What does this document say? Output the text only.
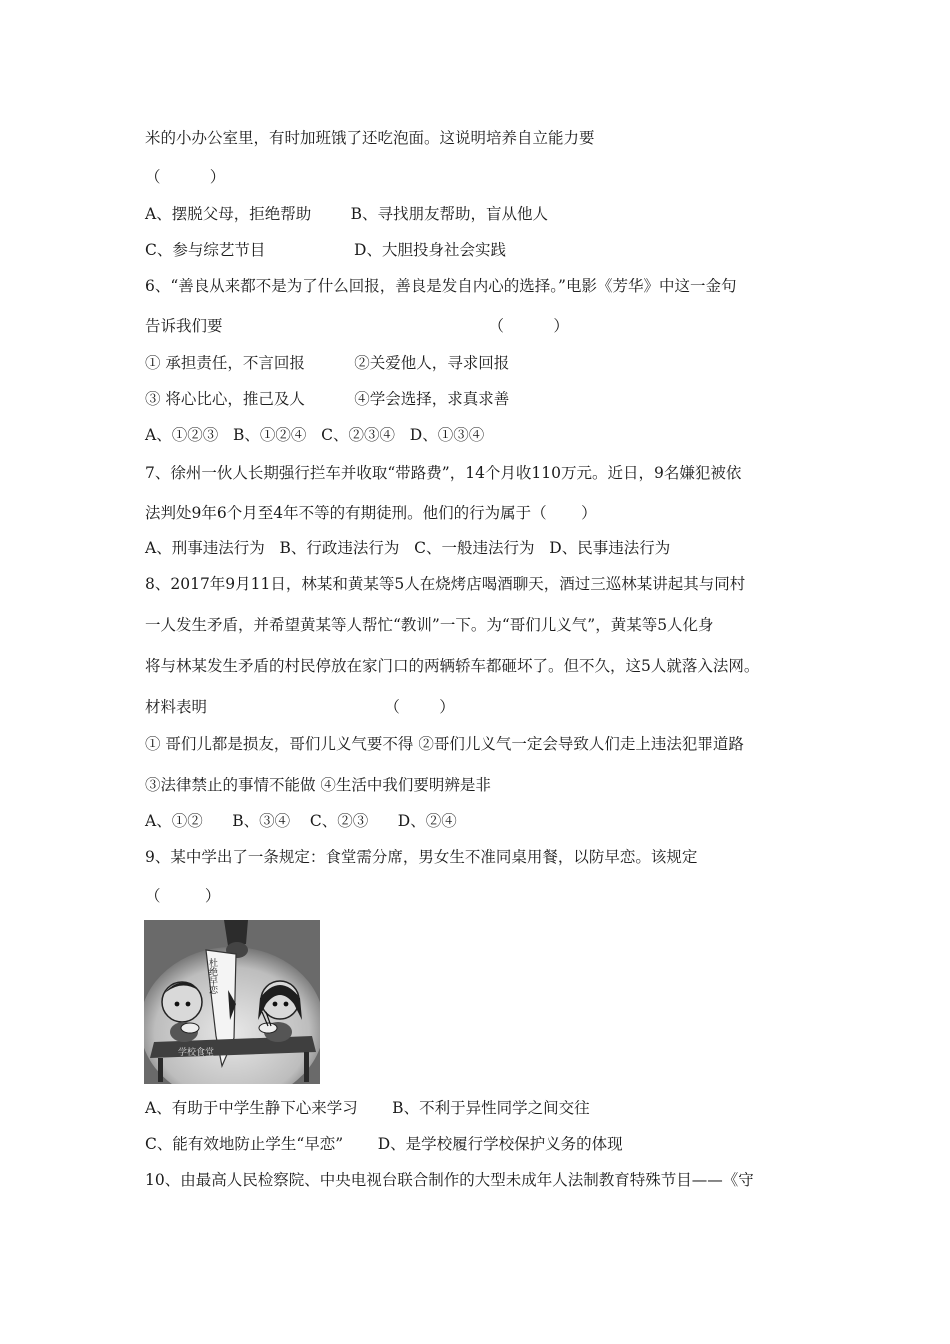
米的小办公室里，有时加班饿了还吃泡面。这说明培养自立能力要
（          ）
A、摆脱父母，拒绝帮助        B、寻找朋友帮助，盲从他人
C、参与综艺节目                  D、大胆投身社会实践
6、“善良从来都不是为了什么回报，善良是发自内心的选择。”电影《芳华》中这一金句
告诉我们要                                                      （          ）
① 承担责任，不言回报          ②关爱他人，寻求回报
③ 将心比心，推己及人          ④学会选择，求真求善
A、①②③   B、①②④   C、②③④   D、①③④
7、徐州一伙人长期强行拦车并收取“带路费”，14个月收110万元。近日，9名嫌犯被依
法判处9年6个月至4年不等的有期徒刑。他们的行为属于（       ）
A、刑事违法行为   B、行政违法行为   C、一般违法行为   D、民事违法行为
8、2017年9月11日，林某和黄某等5人在烧烤店喝酒聊天，酒过三巡林某讲起其与同村
一人发生矛盾，并希望黄某等人帮忙“教训”一下。为“哥们儿义气”，黄某等5人化身
将与林某发生矛盾的村民停放在家门口的两辆轿车都砸坏了。但不久，这5人就落入法网。
材料表明                                    （        ）
① 哥们儿都是损友，哥们儿义气要不得 ②哥们儿义气一定会导致人们走上违法犯罪道路
③法律禁止的事情不能做 ④生活中我们要明辨是非
A、①②      B、③④    C、②③      D、②④
9、某中学出了一条规定：食堂需分席，男女生不准同桌用餐，以防早恋。该规定
（         ）
杜绝早恋
学校食堂
A、有助于中学生静下心来学习       B、不利于异性同学之间交往
C、能有效地防止学生“早恋”       D、是学校履行学校保护义务的体现
10、由最高人民检察院、中央电视台联合制作的大型未成年人法制教育特殊节目——《守
